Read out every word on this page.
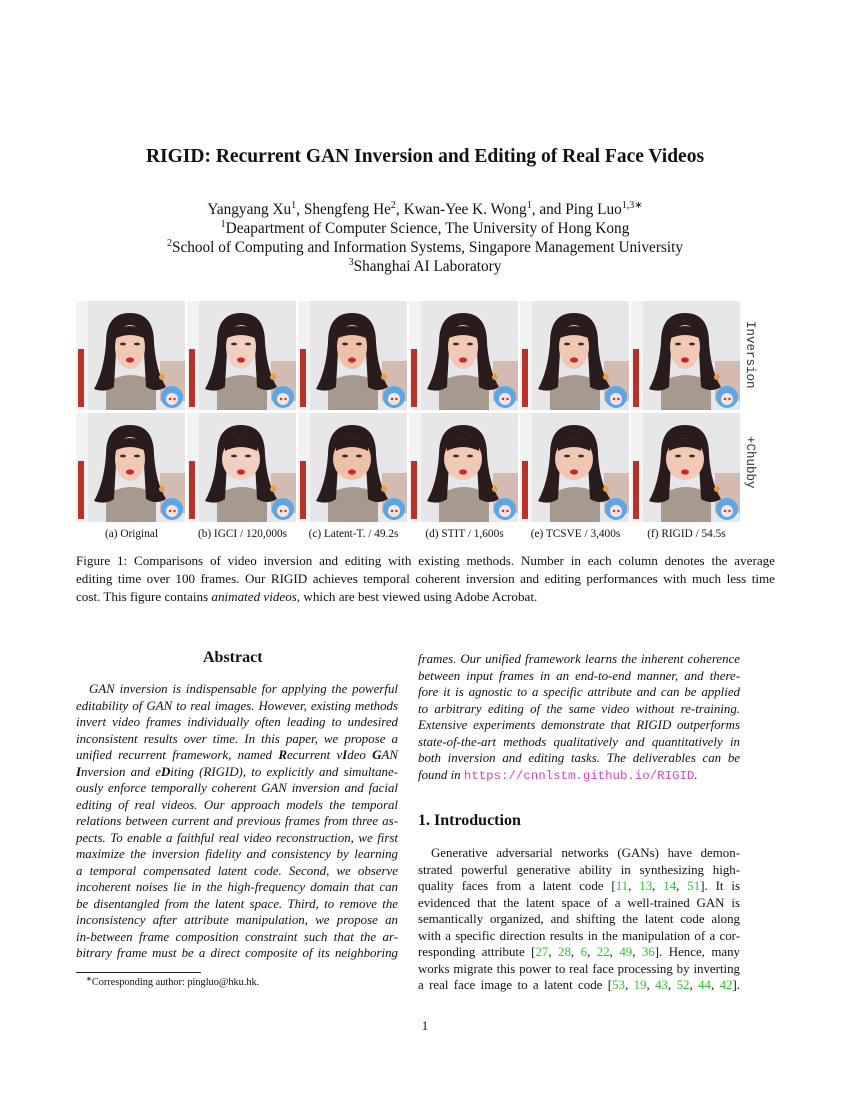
RIGID: Recurrent GAN Inversion and Editing of Real Face Videos
Yangyang Xu$^1$, Shengfeng He$^2$, Kwan-Yee K. Wong$^1$, and Ping Luo$^{1,3∗}$
$^1$Deapartment of Computer Science, The University of Hong Kong
$^2$School of Computing and Information Systems, Singapore Management University
$^3$Shanghai AI Laboratory
Inversion
+Chubby
(a) Original	(b) IGCI / 120,000s	(c) Latent-T. / 49.2s	(d) STIT / 1,600s	(e) TCSVE / 3,400s	(f) RIGID / 54.5s
Figure 1: Comparisons of video inversion and editing with existing methods. Number in each column denotes the average
editing time over 100 frames. Our RIGID achieves temporal coherent inversion and editing performances with much less time
cost. This figure contains animated videos, which are best viewed using Adobe Acrobat.
Abstract
GAN inversion is indispensable for applying the powerful
editability of GAN to real images. However, existing methods
invert video frames individually often leading to undesired
inconsistent results over time. In this paper, we propose a
unified recurrent framework, named Recurrent vIdeo GAN
Inversion and eDiting (RIGID), to explicitly and simultane-
ously enforce temporally coherent GAN inversion and facial
editing of real videos. Our approach models the temporal
relations between current and previous frames from three as-
pects. To enable a faithful real video reconstruction, we first
maximize the inversion fidelity and consistency by learning
a temporal compensated latent code. Second, we observe
incoherent noises lie in the high-frequency domain that can
be disentangled from the latent space. Third, to remove the
inconsistency after attribute manipulation, we propose an
in-between frame composition constraint such that the ar-
bitrary frame must be a direct composite of its neighboring
frames. Our unified framework learns the inherent coherence
between input frames in an end-to-end manner, and there-
fore it is agnostic to a specific attribute and can be applied
to arbitrary editing of the same video without re-training.
Extensive experiments demonstrate that RIGID outperforms
state-of-the-art methods qualitatively and quantitatively in
both inversion and editing tasks. The deliverables can be
found in https://cnnlstm.github.io/RIGID.
1. Introduction
Generative adversarial networks (GANs) have demon-
strated powerful generative ability in synthesizing high-
quality faces from a latent code [11, 13, 14, 51]. It is
evidenced that the latent space of a well-trained GAN is
semantically organized, and shifting the latent code along
with a specific direction results in the manipulation of a cor-
responding attribute [27, 28, 6, 22, 49, 36]. Hence, many
works migrate this power to real face processing by inverting
a real face image to a latent code [53, 19, 43, 52, 44, 42].
∗Corresponding author: pingluo@hku.hk.
1
